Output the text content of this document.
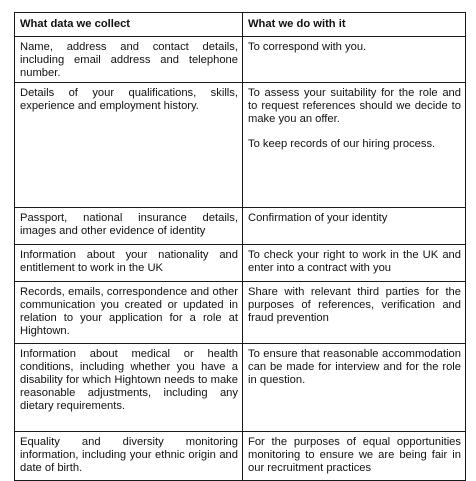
What data we collect	What we do with it
Name, address and contact details, including email address and telephone number.	To correspond with you.

Details of your qualifications, skills, experience and employment history.	To assess your suitability for the role and to request references should we decide to make you an offer.

To keep records of our hiring process.

Passport, national insurance details, images and other evidence of identity	Confirmation of your identity

Information about your nationality and entitlement to work in the UK	To check your right to work in the UK and enter into a contract with you

Records, emails, correspondence and other communication you created or updated in relation to your application for a role at Hightown.	Share with relevant third parties for the purposes of references, verification and fraud prevention

Information about medical or health conditions, including whether you have a disability for which Hightown needs to make reasonable adjustments, including any dietary requirements.	To ensure that reasonable accommodation can be made for interview and for the role in question.

Equality and diversity monitoring information, including your ethnic origin and date of birth.	For the purposes of equal opportunities monitoring to ensure we are being fair in our recruitment practices
